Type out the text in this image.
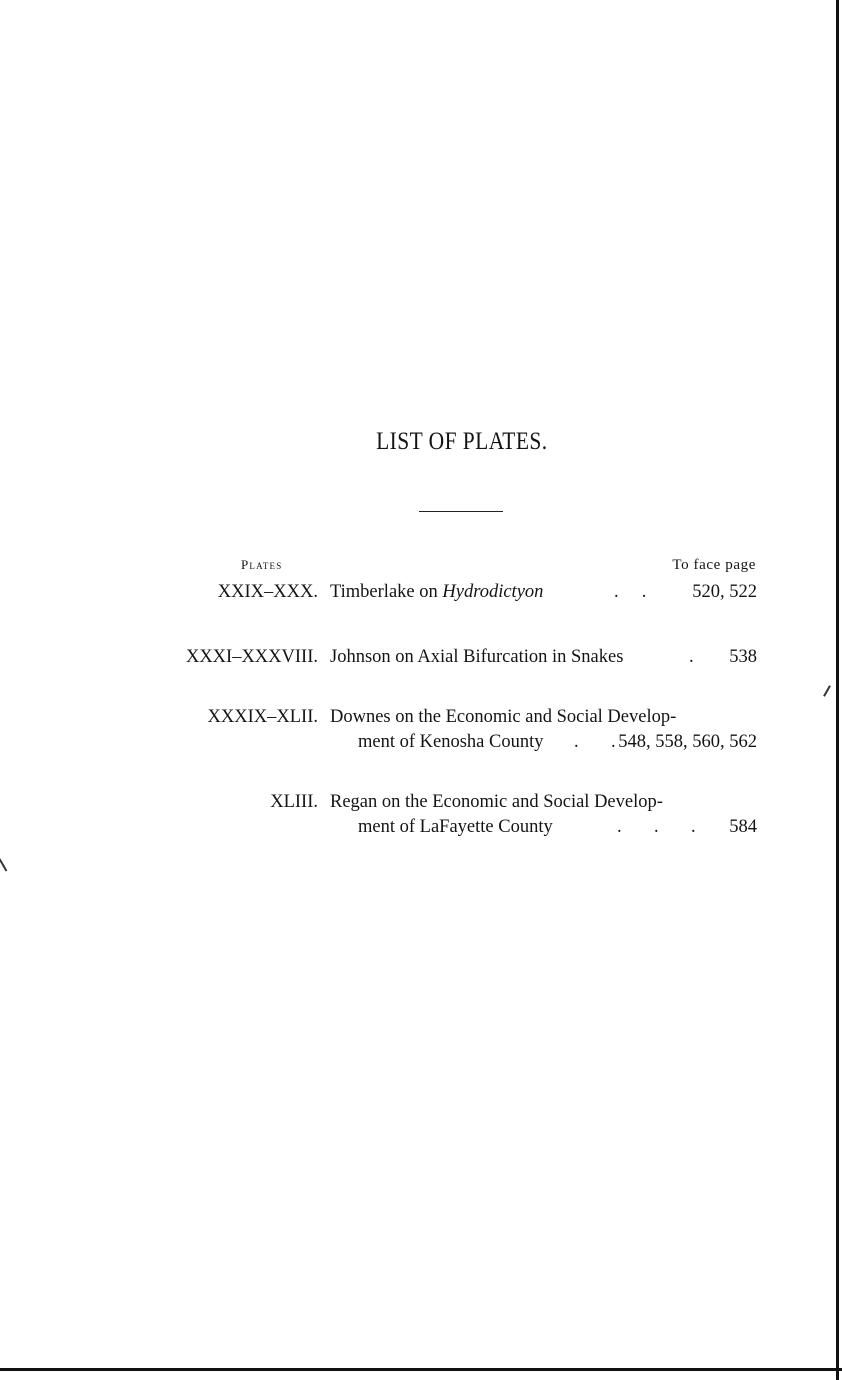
LIST OF PLATES.
Plates	To face page
XXIX–XXX. Timberlake on Hydrodictyon	.     . 520, 522
XXXI–XXXVIII. Johnson on Axial Bifurcation in Snakes	. 538
XXXIX–XLII. Downes on the Economic and Social Develop-
ment of Kenosha County .       . 548, 558, 560, 562
XLIII. Regan on the Economic and Social Develop-
ment of LaFayette County	.       .       . 584
